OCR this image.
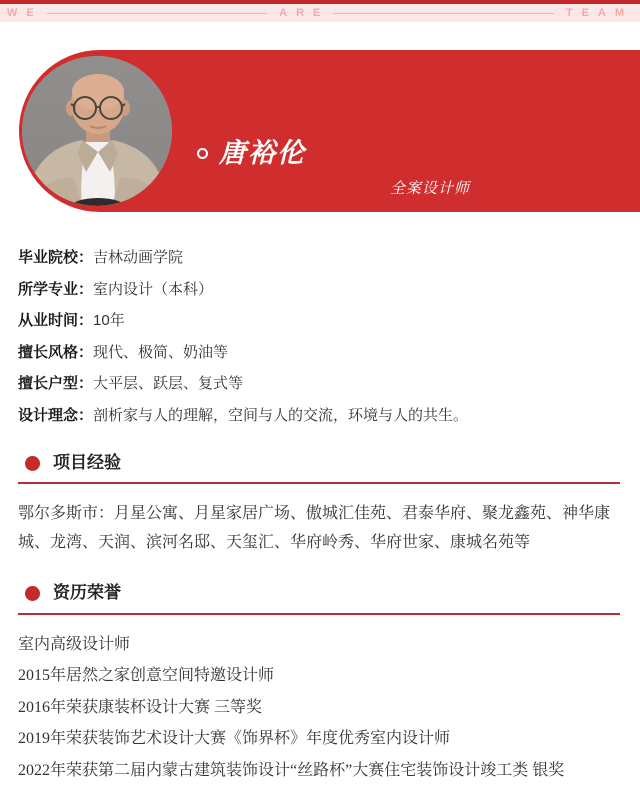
WE	ARE	TEAM
唐裕伦
全案设计师

毕业院校：吉林动画学院

所学专业：室内设计（本科）

从业时间：10年

擅长风格：现代、极简、奶油等

擅长户型：大平层、跃层、复式等

设计理念：剖析家与人的理解，空间与人的交流，环境与人的共生。

项目经验

鄂尔多斯市：月星公寓、月星家居广场、傲城汇佳苑、君泰华府、聚龙鑫苑、神华康城、龙湾、天润、滨河名邸、天玺汇、华府岭秀、华府世家、康城名苑等

资历荣誉
室内高级设计师
2015年居然之家创意空间特邀设计师
2016年荣获康装杯设计大赛 三等奖
2019年荣获装饰艺术设计大赛《饰界杯》年度优秀室内设计师
2022年荣获第二届内蒙古建筑装饰设计“丝路杯”大赛住宅装饰设计竣工类 银奖
